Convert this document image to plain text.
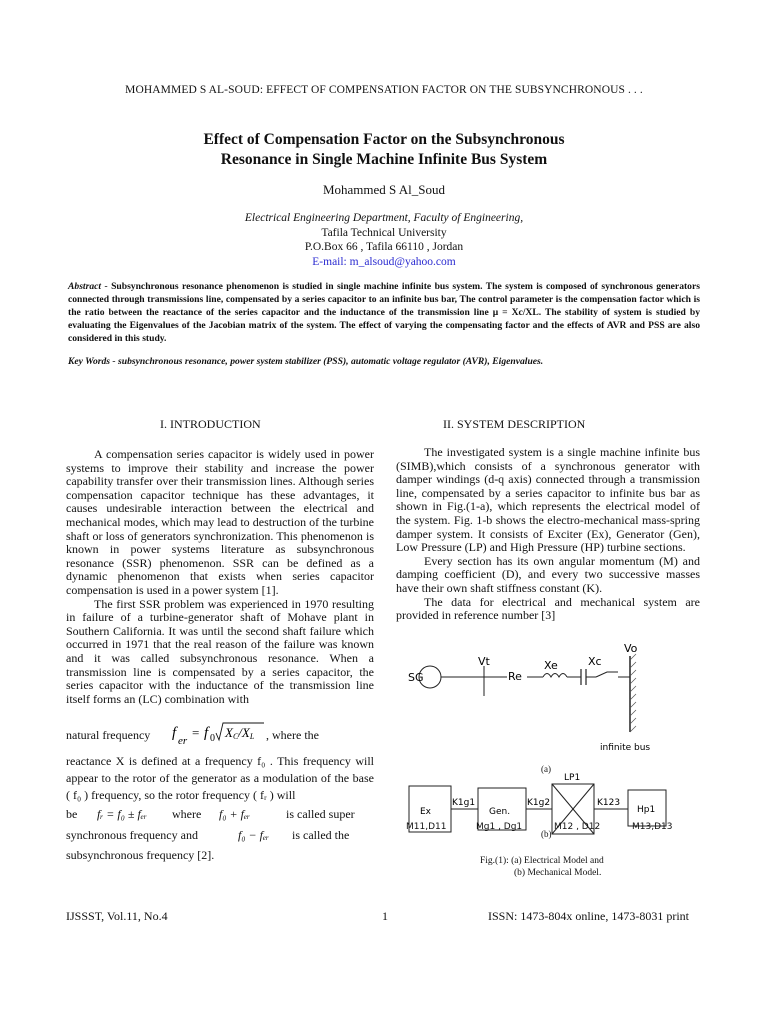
MOHAMMED S AL-SOUD: EFFECT OF COMPENSATION FACTOR ON THE SUBSYNCHRONOUS . . .
Effect of Compensation Factor on the Subsynchronous
Resonance in Single Machine Infinite Bus System
Mohammed S Al_Soud
Electrical Engineering Department, Faculty of Engineering,
Tafila Technical University
P.O.Box 66 , Tafila 66110 , Jordan
E-mail: m_alsoud@yahoo.com
Abstract - Subsynchronous resonance phenomenon is studied in single machine infinite bus system. The system is composed of synchronous generators connected through transmissions line, compensated by a series capacitor to an infinite bus bar, The control parameter is the compensation factor which is the ratio between the reactance of the series capacitor and the inductance of the transmission line μ = Xc/XL. The stability of system is studied by evaluating the Eigenvalues of the Jacobian matrix of the system. The effect of varying the compensating factor and the effects of AVR and PSS are also considered in this study.
Key Words - subsynchronous resonance, power system stabilizer (PSS), automatic voltage regulator (AVR), Eigenvalues.
I. INTRODUCTION

A compensation series capacitor is widely used in power systems to improve their stability and increase the power capability transfer over their transmission lines. Although series compensation capacitor technique has these advantages, it causes undesirable interaction between the electrical and mechanical modes, which may lead to destruction of the turbine shaft or loss of generators synchronization. This phenomenon is known in power systems literature as subsynchronous resonance (SSR) phenomenon. SSR can be defined as a dynamic phenomenon that exists when series capacitor compensation is used in a power system [1].

The first SSR problem was experienced in 1970 resulting in failure of a turbine-generator shaft of Mohave plant in Southern California. It was until the second shaft failure which occurred in 1971 that the real reason of the failure was known and it was called subsynchronous resonance. When a transmission line is compensated by a series capacitor, the series capacitor with the inductance of the transmission line itself forms an (LC) combination with

natural frequency f er
= f 0 XC/XL , where the
reactance X is defined at a frequency f₀ . This frequency will appear to the rotor of the generator as a modulation of the base ( f₀ ) frequency, so the rotor frequency ( fᵣ ) will
be fᵣ = f₀ ± fₑᵣ where f₀ + fₑᵣ	is called super
synchronous frequency and	f₀ − fₑᵣ is called the
subsynchronous frequency [2].
II. SYSTEM DESCRIPTION

The investigated system is a single machine infinite bus (SIMB),which consists of a synchronous generator with damper windings (d-q axis) connected through a transmission line, compensated by a series capacitor to infinite bus bar as shown in Fig.(1-a), which represents the electrical model of the system. Fig. 1-b shows the electro-mechanical mass-spring damper system. It consists of Exciter (Ex), Generator (Gen), Low Pressure (LP) and High Pressure (HP) turbine sections.

Every section has its own angular momentum (M) and damping coefficient (D), and every two successive masses have their own shaft stiffness constant (K).

The data for electrical and mechanical system are provided in reference number [3]

SG
Vt
Re
Xe	Xc
Vo
infinite bus
(a)
Ex
K1g1
Gen.
K1g2
LP1
K123
Hp1
M11,D11	Mg1 , Dg1	M12 , D12	M13,D13
(b)
Fig.(1): (a) Electrical Model and
(b) Mechanical Model.
IJSSST, Vol.11, No.4	1	ISSN: 1473-804x online, 1473-8031 print
